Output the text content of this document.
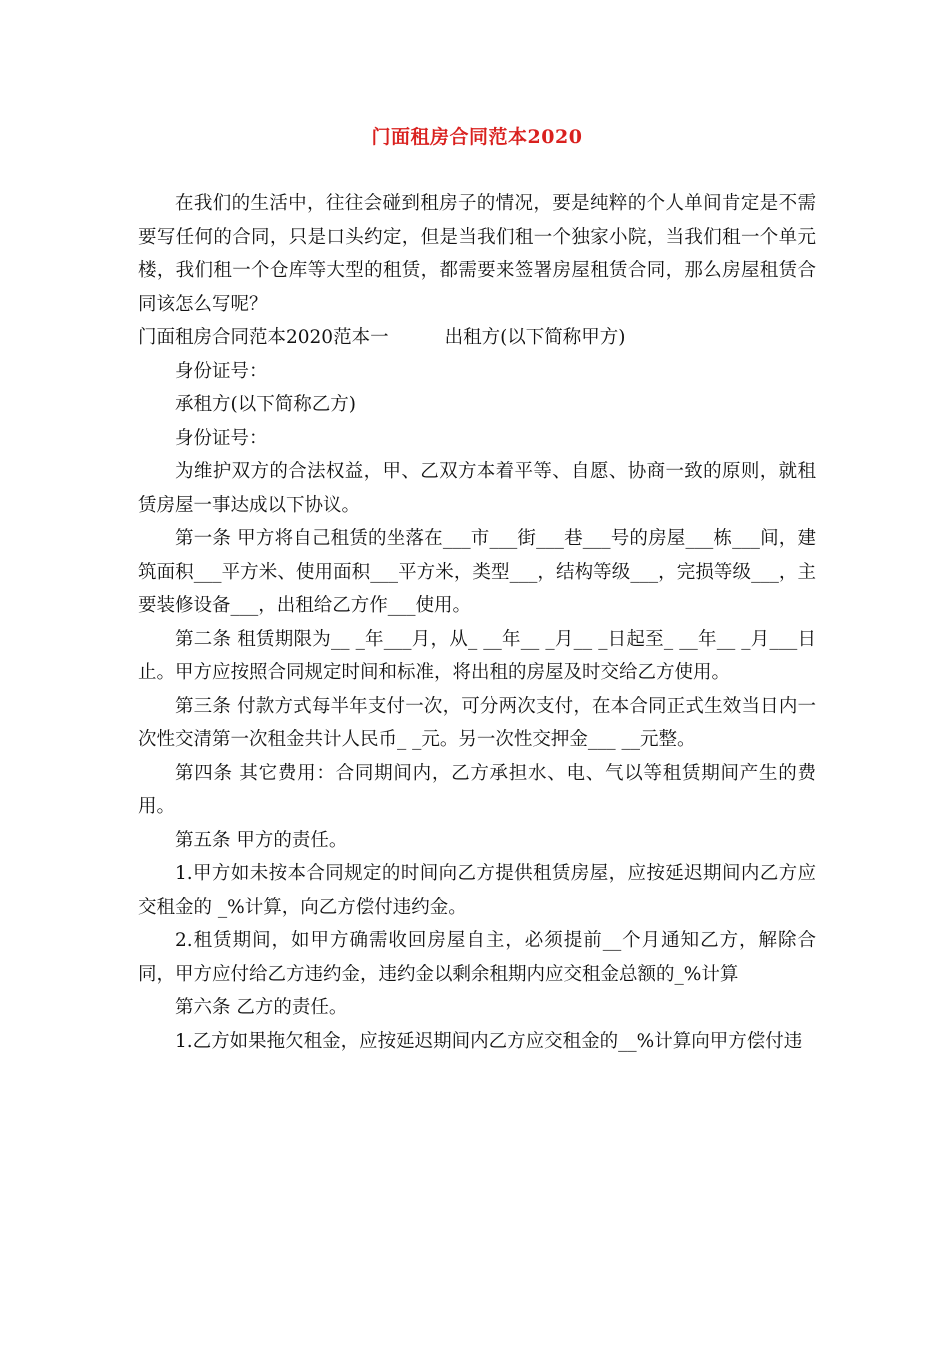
门面租房合同范本2020

在我们的生活中，往往会碰到租房子的情况，要是纯粹的个人单间肯定是不需要写任何的合同，只是口头约定，但是当我们租一个独家小院，当我们租一个单元楼，我们租一个仓库等大型的租赁，都需要来签署房屋租赁合同，那么房屋租赁合同该怎么写呢？

门面租房合同范本2020范本一	出租方(以下简称甲方)

身份证号：

承租方(以下简称乙方)

身份证号：

为维护双方的合法权益，甲、乙双方本着平等、自愿、协商一致的原则，就租赁房屋一事达成以下协议。

第一条 甲方将自己租赁的坐落在___市___街___巷___号的房屋___栋___间，建筑面积___平方米、使用面积___平方米，类型___，结构等级___，完损等级___，主要装修设备___，出租给乙方作___使用。

第二条 租赁期限为__ _年___月，从_ __年__ _月__ _日起至_ __年__ _月___日止。甲方应按照合同规定时间和标准，将出租的房屋及时交给乙方使用。

第三条 付款方式每半年支付一次，可分两次支付，在本合同正式生效当日内一次性交清第一次租金共计人民币_ _元。另一次性交押金___ __元整。

第四条 其它费用：合同期间内，乙方承担水、电、气以等租赁期间产生的费用。

第五条 甲方的责任。

1.甲方如未按本合同规定的时间向乙方提供租赁房屋，应按延迟期间内乙方应交租金的 _%计算，向乙方偿付违约金。

2.租赁期间，如甲方确需收回房屋自主，必须提前__个月通知乙方，解除合同，甲方应付给乙方违约金，违约金以剩余租期内应交租金总额的_%计算

第六条 乙方的责任。

1.乙方如果拖欠租金，应按延迟期间内乙方应交租金的__%计算向甲方偿付违
